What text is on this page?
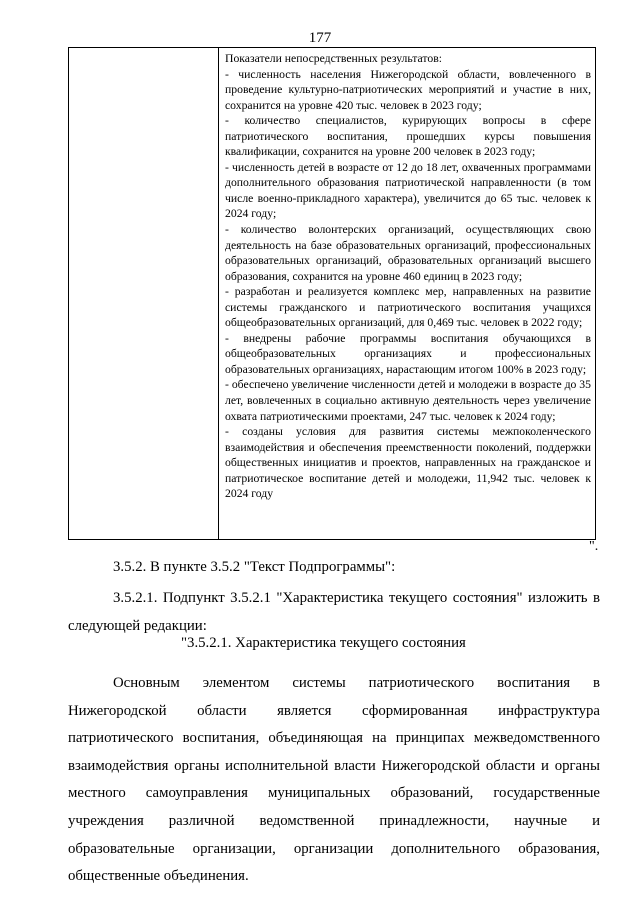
177

Показатели непосредственных результатов:
- численность населения Нижегородской области, вовлеченного в проведение культурно-патриотических мероприятий и участие в них, сохранится на уровне 420 тыс. человек в 2023 году;
- количество специалистов, курирующих вопросы в сфере патриотического воспитания, прошедших курсы повышения квалификации, сохранится на уровне 200 человек в 2023 году;
- численность детей в возрасте от 12 до 18 лет, охваченных программами дополнительного образования патриотической направленности (в том числе военно-прикладного характера), увеличится до 65 тыс. человек к 2024 году;
- количество волонтерских организаций, осуществляющих свою деятельность на базе образовательных организаций, профессиональных образовательных организаций, образовательных организаций высшего образования, сохранится на уровне 460 единиц в 2023 году;
- разработан и реализуется комплекс мер, направленных на развитие системы гражданского и патриотического воспитания учащихся общеобразовательных организаций, для 0,469 тыс. человек в 2022 году;
- внедрены рабочие программы воспитания обучающихся в общеобразовательных организациях и профессиональных образовательных организациях, нарастающим итогом 100% в 2023 году;
- обеспечено увеличение численности детей и молодежи в возрасте до 35 лет, вовлеченных в социально активную деятельность через увеличение охвата патриотическими проектами, 247 тыс. человек к 2024 году;
- созданы условия для развития системы межпоколенческого взаимодействия и обеспечения преемственности поколений, поддержки общественных инициатив и проектов, направленных на гражданское и патриотическое воспитание детей и молодежи, 11,942 тыс. человек к 2024 году
".
3.5.2. В пункте 3.5.2 "Текст Подпрограммы":
3.5.2.1. Подпункт 3.5.2.1 "Характеристика текущего состояния" изложить в следующей редакции:
"3.5.2.1. Характеристика текущего состояния
Основным элементом системы патриотического воспитания в Нижегородской области является сформированная инфраструктура патриотического воспитания, объединяющая на принципах межведомственного взаимодействия органы исполнительной власти Нижегородской области и органы местного самоуправления муниципальных образований, государственные учреждения различной ведомственной принадлежности, научные и образовательные организации, организации дополнительного образования, общественные объединения.
